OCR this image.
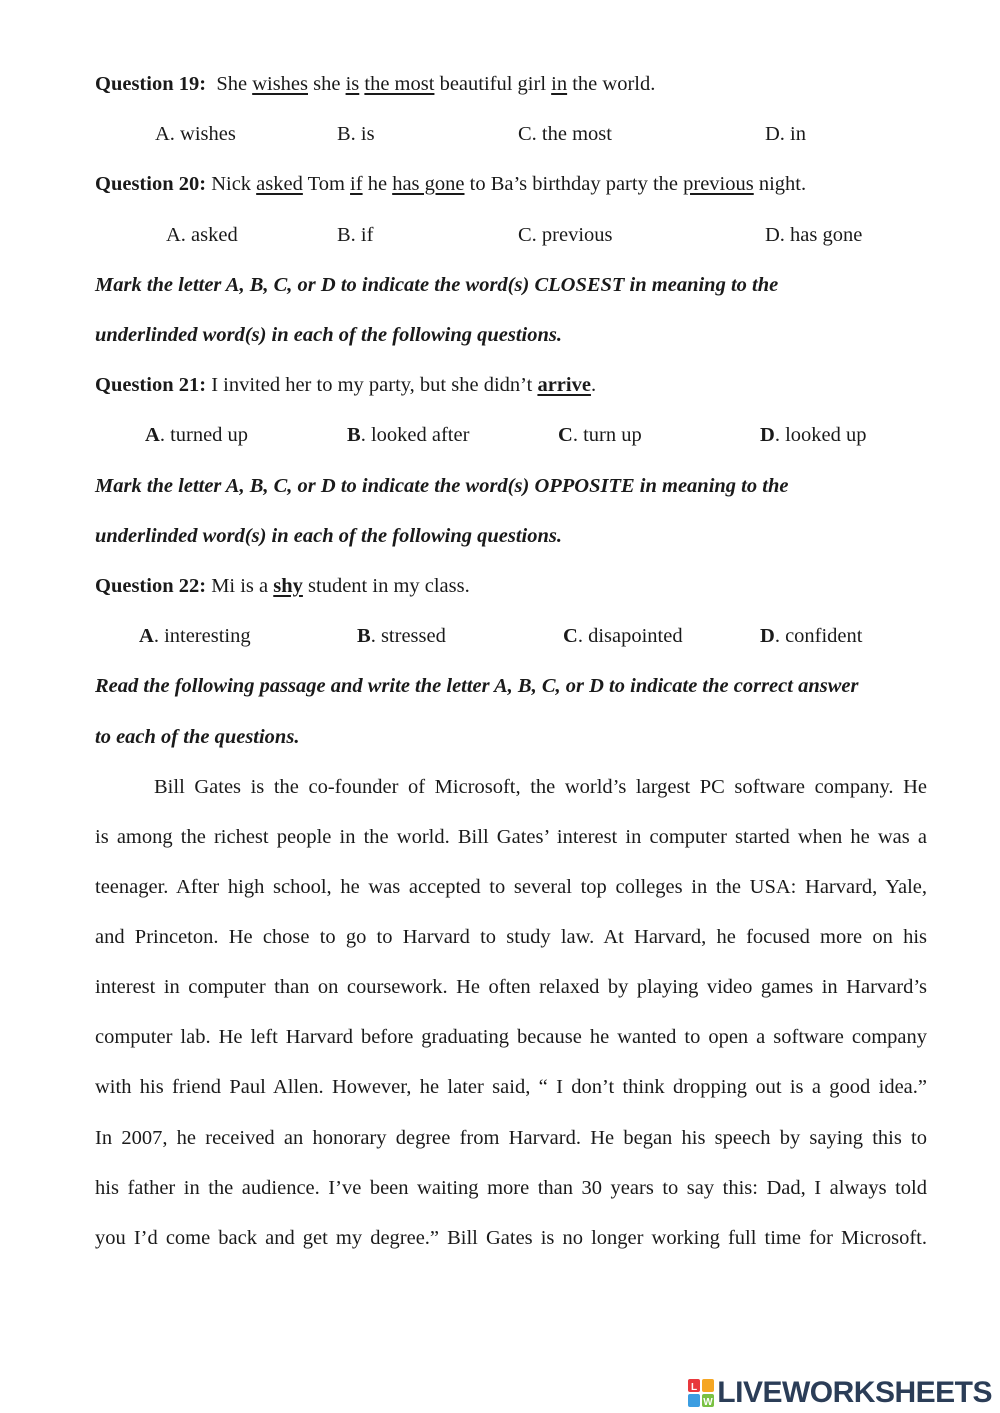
Question 19: She wishes she is the most beautiful girl in the world.
A. wishes	B. is	C. the most	D. in
Question 20: Nick asked Tom if he has gone to Ba’s birthday party the previous night.
A. asked	B. if	C. previous	D. has gone
Mark the letter A, B, C, or D to indicate the word(s) CLOSEST in meaning to the
underlinded word(s) in each of the following questions.
Question 21: I invited her to my party, but she didn’t arrive.
A. turned up	B. looked after	C. turn up	D. looked up
Mark the letter A, B, C, or D to indicate the word(s) OPPOSITE in meaning to the
underlinded word(s) in each of the following questions.
Question 22: Mi is a shy student in my class.
A. interesting	B. stressed	C. disapointed	D. confident
Read the following passage and write the letter A, B, C, or D to indicate the correct answer
to each of the questions.
Bill Gates is the co-founder of Microsoft, the world’s largest PC software company. He
is among the richest people in the world. Bill Gates’ interest in computer started when he was a
teenager. After high school, he was accepted to several top colleges in the USA: Harvard, Yale,
and Princeton. He chose to go to Harvard to study law. At Harvard, he focused more on his
interest in computer than on coursework. He often relaxed by playing video games in Harvard’s
computer lab. He left Harvard before graduating because he wanted to open a software company
with his friend Paul Allen. However, he later said, “ I don’t think dropping out is a good idea.”
In 2007, he received an honorary degree from Harvard. He began his speech by saying this to
his father in the audience. I’ve been waiting more than 30 years to say this: Dad, I always told
you I’d come back and get my degree.” Bill Gates is no longer working full time for Microsoft.
L
W LIVEWORKSHEETS
